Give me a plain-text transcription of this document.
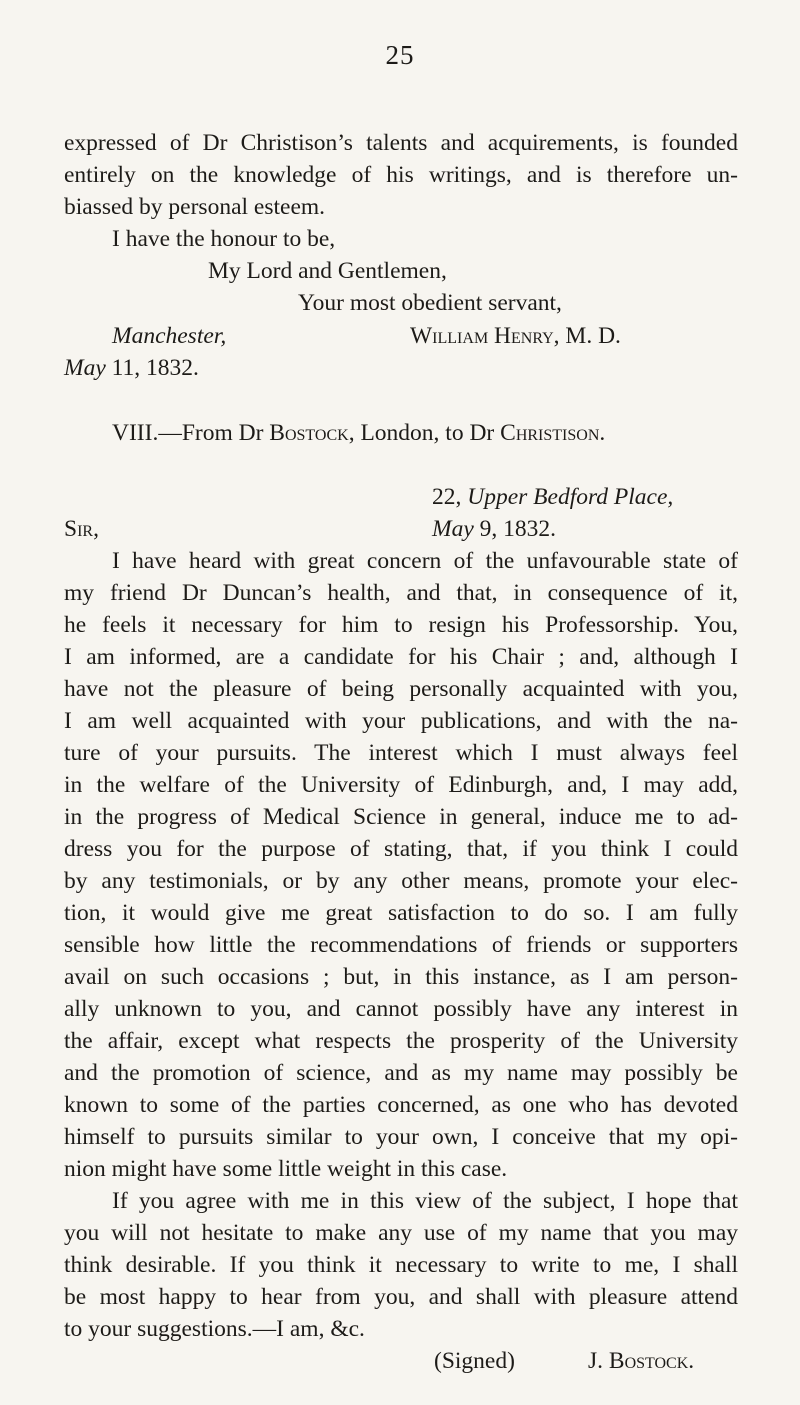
25
expressed of Dr Christison’s talents and acquirements, is founded
entirely on the knowledge of his writings, and is therefore un-
biassed by personal esteem.
I have the honour to be,
My Lord and Gentlemen,
Your most obedient servant,
Manchester,	William Henry, M. D.
May 11, 1832.
VIII.—From Dr Bostock, London, to Dr Christison.
22, Upper Bedford Place,
Sir,	May 9, 1832.
I have heard with great concern of the unfavourable state of
my friend Dr Duncan’s health, and that, in consequence of it,
he feels it necessary for him to resign his Professorship. You,
I am informed, are a candidate for his Chair ; and, although I
have not the pleasure of being personally acquainted with you,
I am well acquainted with your publications, and with the na-
ture of your pursuits. The interest which I must always feel
in the welfare of the University of Edinburgh, and, I may add,
in the progress of Medical Science in general, induce me to ad-
dress you for the purpose of stating, that, if you think I could
by any testimonials, or by any other means, promote your elec-
tion, it would give me great satisfaction to do so. I am fully
sensible how little the recommendations of friends or supporters
avail on such occasions ; but, in this instance, as I am person-
ally unknown to you, and cannot possibly have any interest in
the affair, except what respects the prosperity of the University
and the promotion of science, and as my name may possibly be
known to some of the parties concerned, as one who has devoted
himself to pursuits similar to your own, I conceive that my opi-
nion might have some little weight in this case.
If you agree with me in this view of the subject, I hope that
you will not hesitate to make any use of my name that you may
think desirable. If you think it necessary to write to me, I shall
be most happy to hear from you, and shall with pleasure attend
to your suggestions.—I am, &c.
(Signed)	J. Bostock.
